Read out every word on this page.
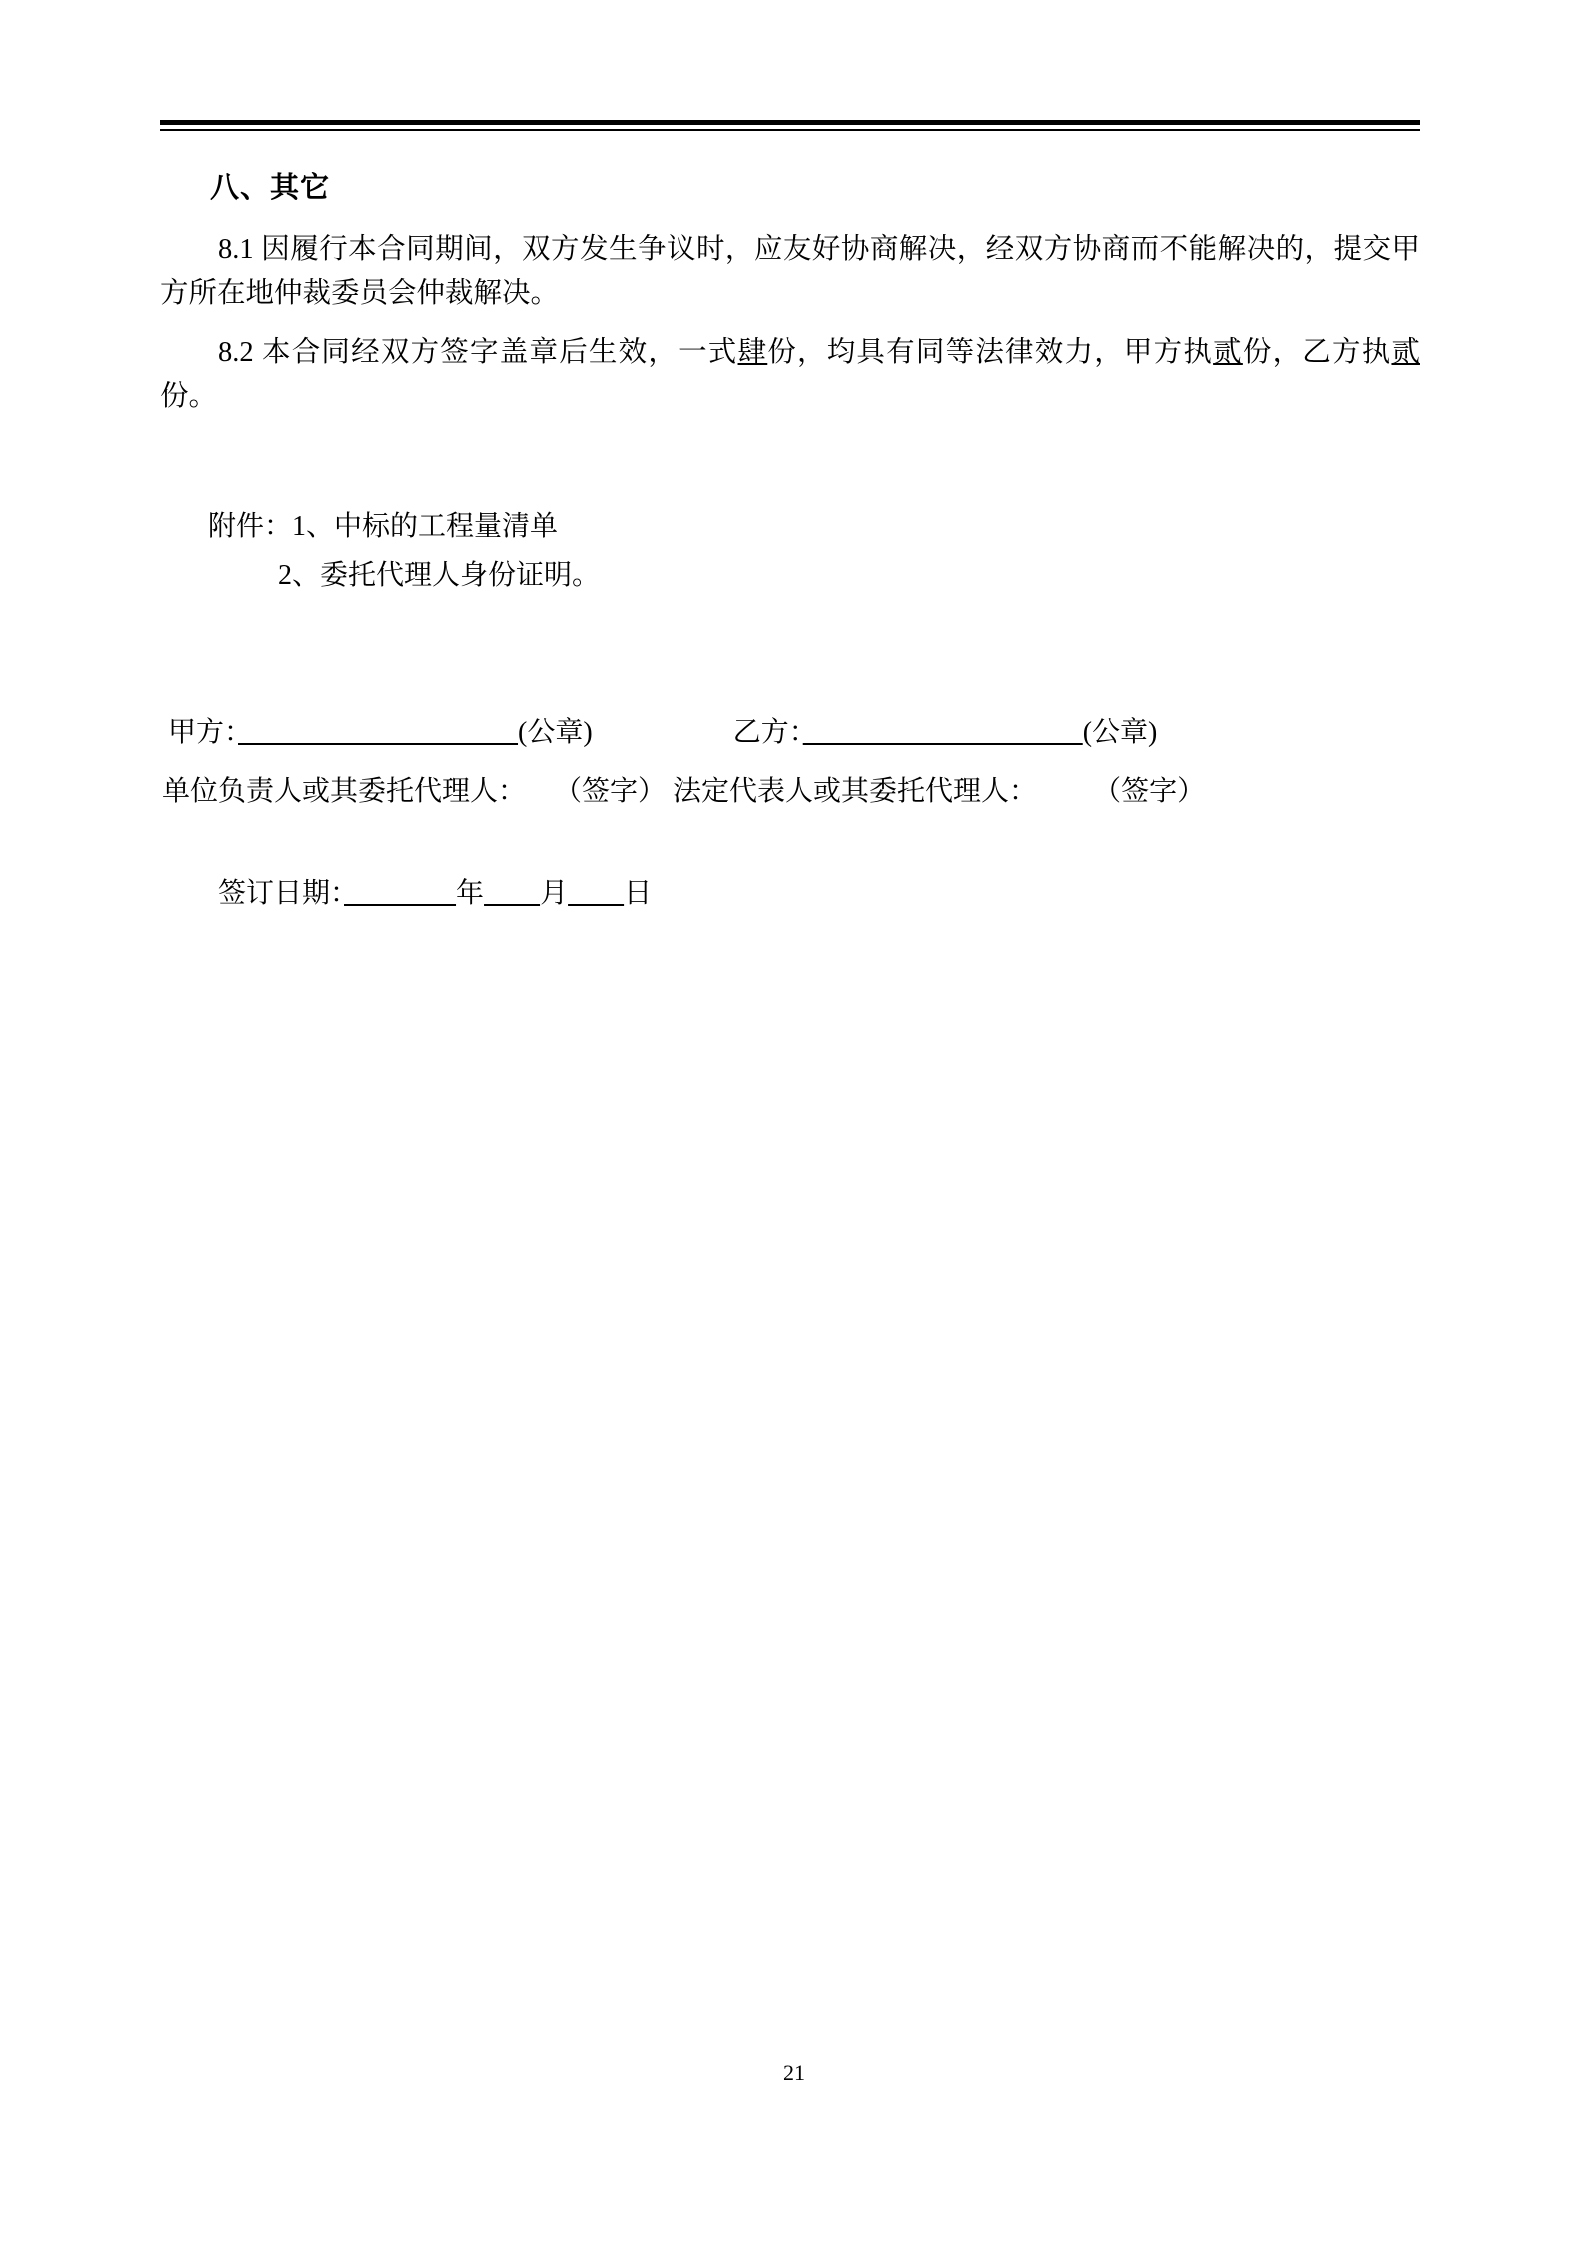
八、其它

8.1 因履行本合同期间，双方发生争议时，应友好协商解决，经双方协商而不能解决的，提交甲方所在地仲裁委员会仲裁解决。

8.2 本合同经双方签字盖章后生效，一式肆份，均具有同等法律效力，甲方执贰份，乙方执贰份。

附件：1、中标的工程量清单
2、委托代理人身份证明。
甲方：　　　　　　　　　　	(公章)　　　　　	乙方：　　　　　　　　　　	(公章)
单位负责人或其委托代理人：　　 （签字） 法定代表人或其委托代理人：　　　	（签字）
签订日期：　　　　	年　　 月　　 日
21
